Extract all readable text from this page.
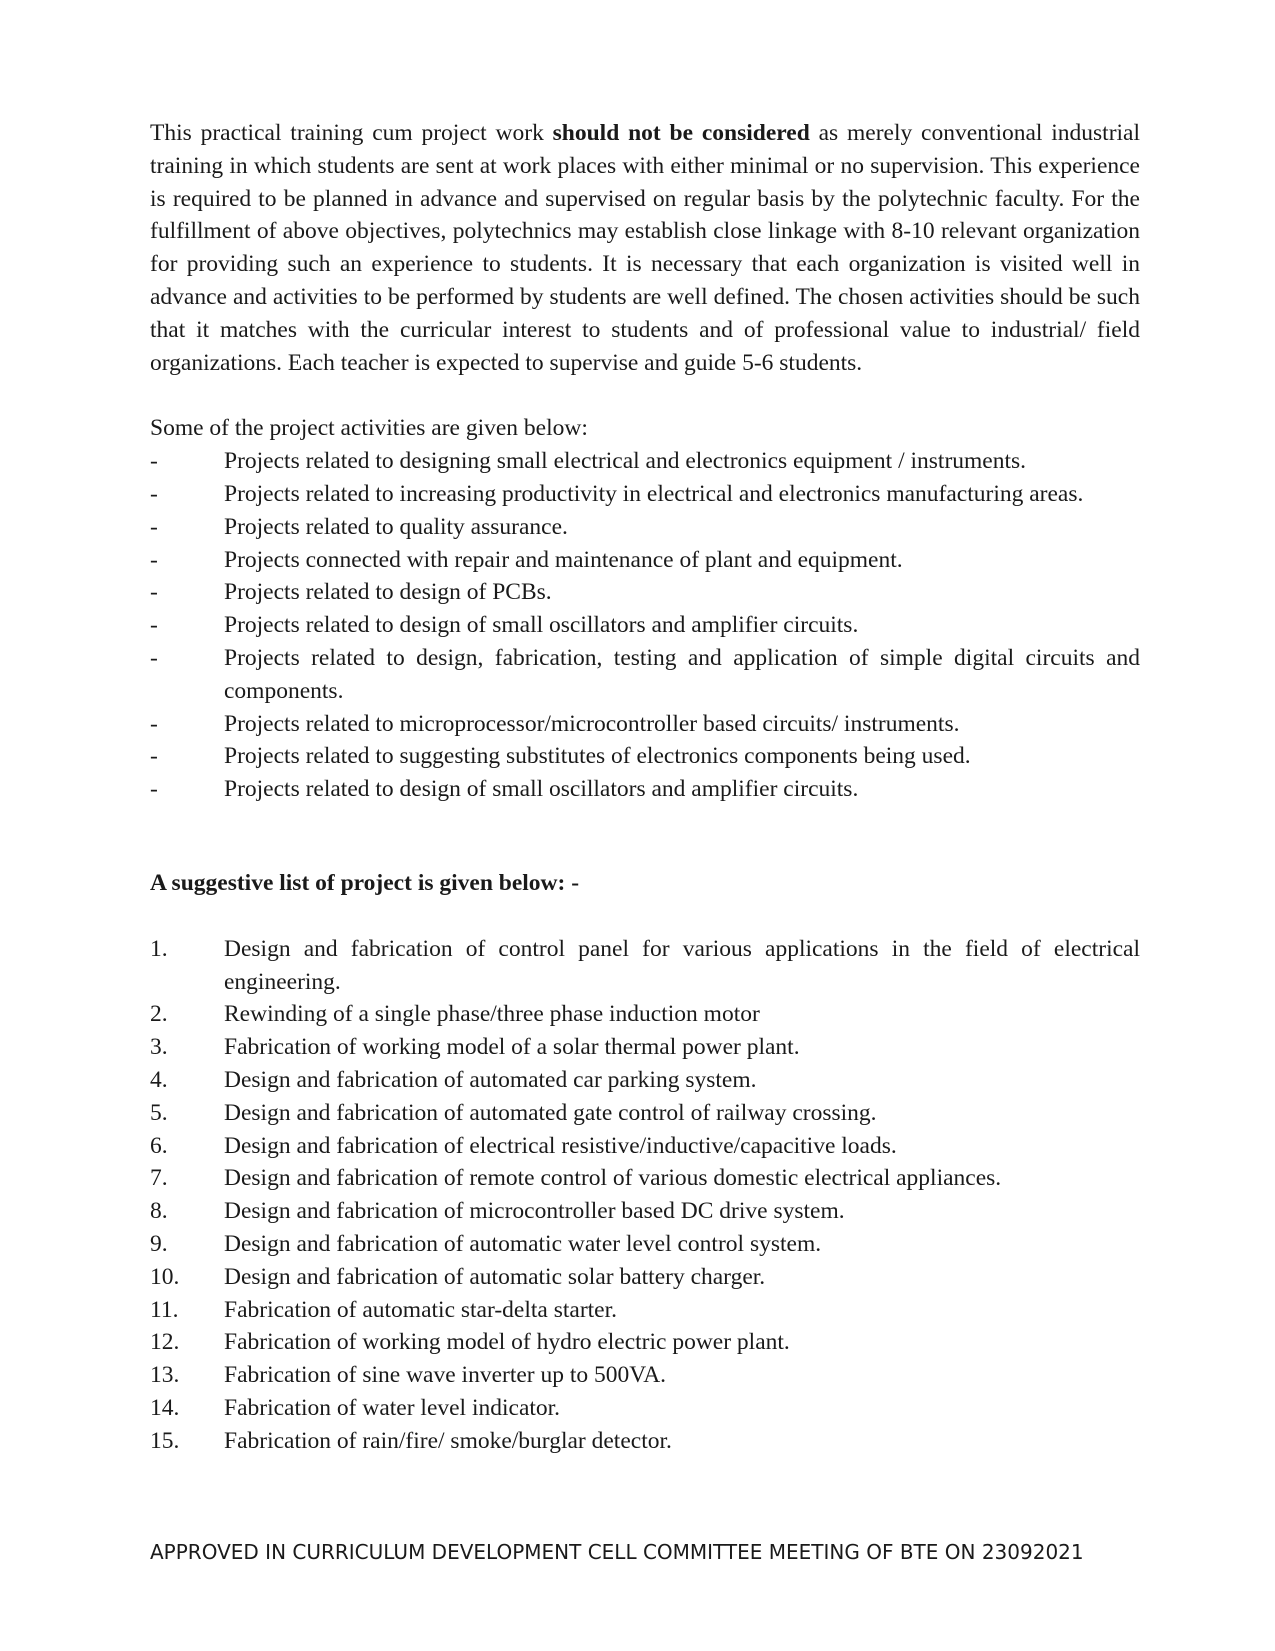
This practical training cum project work should not be considered as merely conventional industrial training in which students are sent at work places with either minimal or no supervision. This experience is required to be planned in advance and supervised on regular basis by the polytechnic faculty. For the fulfillment of above objectives, polytechnics may establish close linkage with 8-10 relevant organization for providing such an experience to students. It is necessary that each organization is visited well in advance and activities to be performed by students are well defined. The chosen activities should be such that it matches with the curricular interest to students and of professional value to industrial/ field organizations. Each teacher is expected to supervise and guide 5-6 students.

Some of the project activities are given below:

-	Projects related to designing small electrical and electronics equipment / instruments.
-	Projects related to increasing productivity in electrical and electronics manufacturing areas.
-	Projects related to quality assurance.
-	Projects connected with repair and maintenance of plant and equipment.
-	Projects related to design of PCBs.
-	Projects related to design of small oscillators and amplifier circuits.
-	Projects related to design, fabrication, testing and application of simple digital circuits and components.
-	Projects related to microprocessor/microcontroller based circuits/ instruments.
-	Projects related to suggesting substitutes of electronics components being used.
-	Projects related to design of small oscillators and amplifier circuits.

A suggestive list of project is given below: -

1. Design and fabrication of control panel for various applications in the field of electrical engineering.
2. Rewinding of a single phase/three phase induction motor
3. Fabrication of working model of a solar thermal power plant.
4. Design and fabrication of automated car parking system.
5. Design and fabrication of automated gate control of railway crossing.
6. Design and fabrication of electrical resistive/inductive/capacitive loads.
7. Design and fabrication of remote control of various domestic electrical appliances.
8. Design and fabrication of microcontroller based DC drive system.
9. Design and fabrication of automatic water level control system.
10. Design and fabrication of automatic solar battery charger.
11. Fabrication of automatic star-delta starter.
12. Fabrication of working model of hydro electric power plant.
13. Fabrication of sine wave inverter up to 500VA.
14. Fabrication of water level indicator.
15. Fabrication of rain/fire/ smoke/burglar detector.
APPROVED IN CURRICULUM DEVELOPMENT CELL COMMITTEE MEETING OF BTE ON 23092021
